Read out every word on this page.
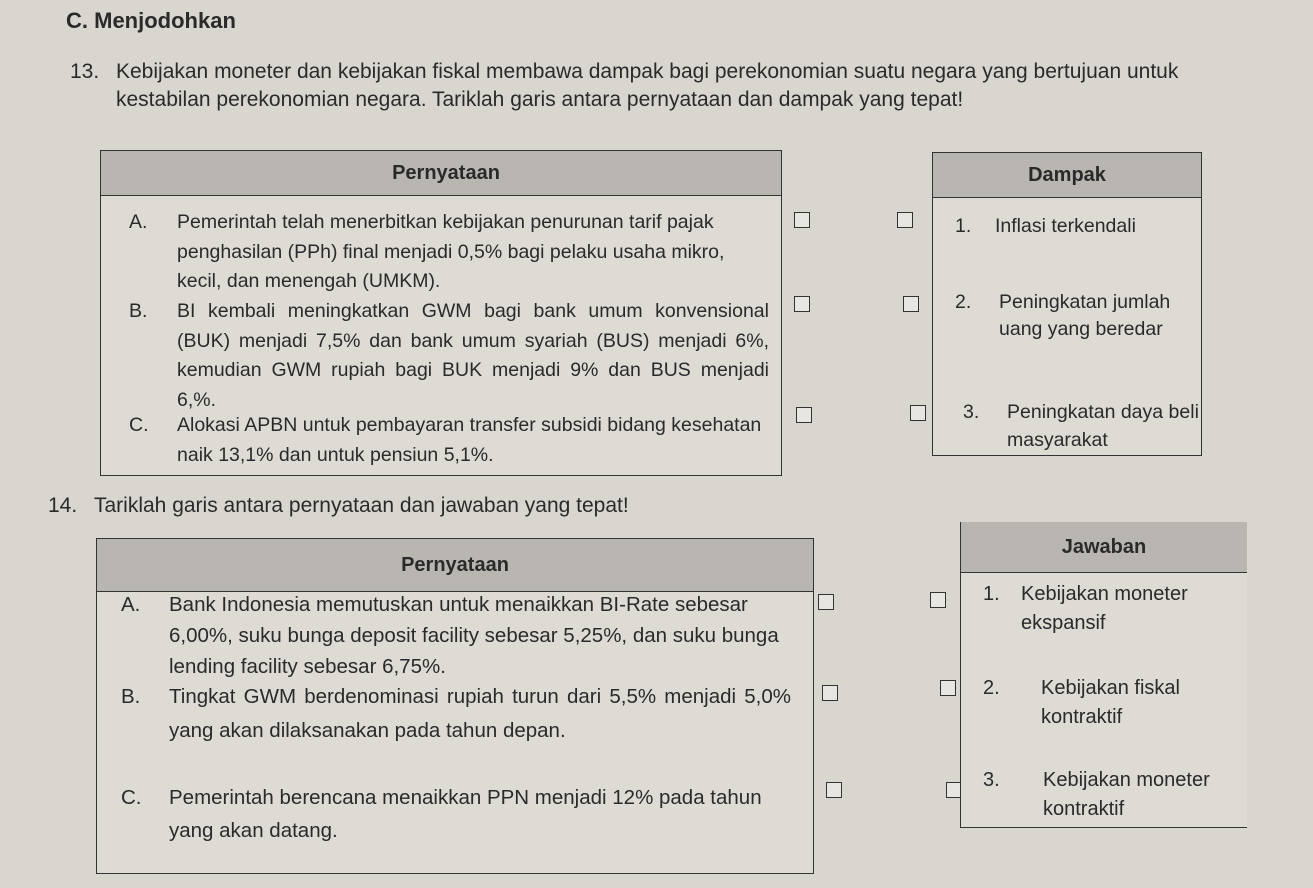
C. Menjodohkan
13. Kebijakan moneter dan kebijakan fiskal membawa dampak bagi perekonomian suatu negara yang bertujuan untuk kestabilan perekonomian negara. Tariklah garis antara pernyataan dan dampak yang tepat!
Pernyataan
A.	Pemerintah telah menerbitkan kebijakan penurunan tarif pajak penghasilan (PPh) final menjadi 0,5% bagi pelaku usaha mikro, kecil, dan menengah (UMKM).
B.	BI kembali meningkatkan GWM bagi bank umum konvensional (BUK) menjadi 7,5% dan bank umum syariah (BUS) menjadi 6%, kemudian GWM rupiah bagi BUK menjadi 9% dan BUS menjadi 6,%.
C.	Alokasi APBN untuk pembayaran transfer subsidi bidang kesehatan naik 13,1% dan untuk pensiun 5,1%.
Dampak
1.	Inflasi terkendali
2.	Peningkatan jumlah uang yang beredar
3.	Peningkatan daya beli masyarakat
14. Tariklah garis antara pernyataan dan jawaban yang tepat!
Pernyataan
A.	Bank Indonesia memutuskan untuk menaikkan BI-Rate sebesar 6,00%, suku bunga deposit facility sebesar 5,25%, dan suku bunga lending facility sebesar 6,75%.
B.	Tingkat GWM berdenominasi rupiah turun dari 5,5% menjadi 5,0% yang akan dilaksanakan pada tahun depan.
C.	Pemerintah berencana menaikkan PPN menjadi 12% pada tahun yang akan datang.
Jawaban
1.	Kebijakan moneter ekspansif
2.	Kebijakan fiskal kontraktif
3.	Kebijakan moneter kontraktif
